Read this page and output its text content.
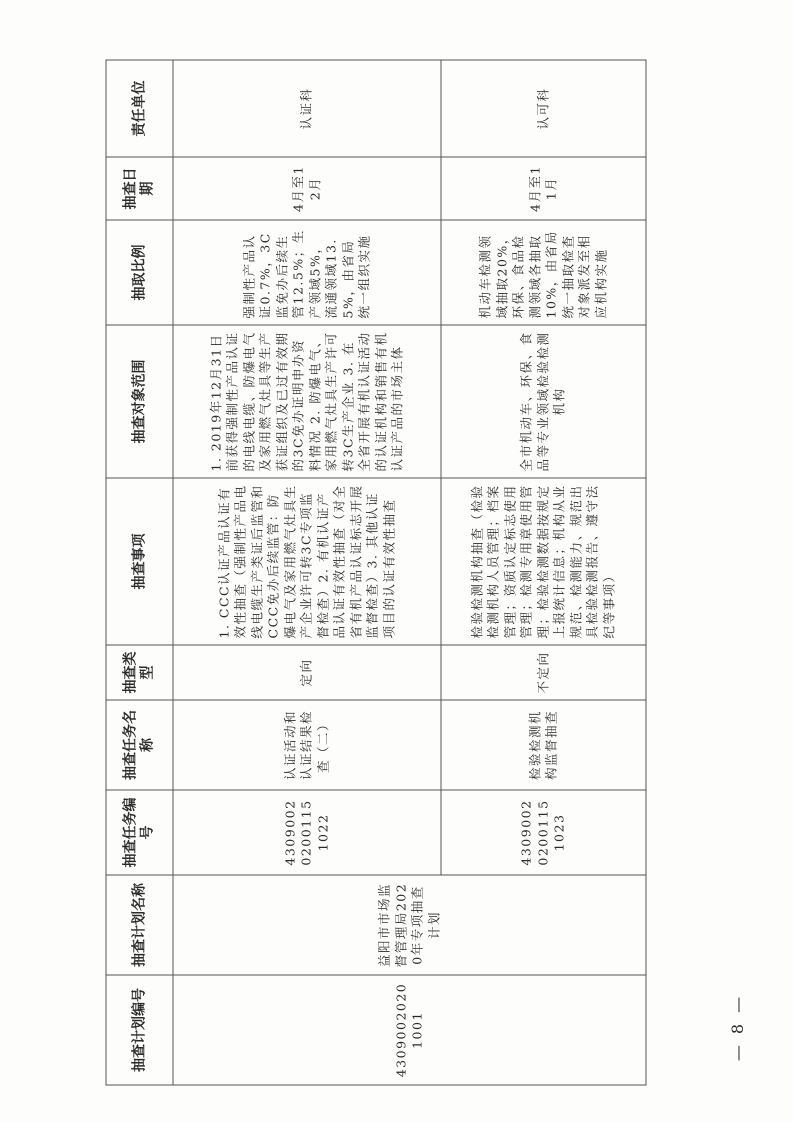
抽查计划编号	抽查计划名称	抽查任务编号	抽查任务名称	抽查类型	抽查事项	抽查对象范围	抽取比例	抽查日期	责任单位
43090020201001	益阳市市场监督管理局2020年专项抽查计划	430900202001151022	认证活动和认证结果检查（二）	定向	1. CCC认证产品认证有效性抽查（强制性产品电线电缆生产类证后监管和CCC免办后续监管：防爆电气及家用燃气灶具生产企业许可转3C专项监督检查）2. 有机认证产品认证有效性抽查（对全省有机产品认证标志开展监督检查）3. 其他认证项目的认证有效性抽查	1. 2019年12月31日前获得强制性产品认证的电线电缆、防爆电气及家用燃气灶具等生产获证组织及已过有效期的3C免办证明申办资料情况 2. 防爆电气、家用燃气灶具生产许可转3C生产企业 3. 在全省开展有机认证活动的认证机构和销售有机认证产品的市场主体	强制性产品认证0.7%，3C监免办后续生管12.5%；生产领域5%，流通领域13.5%，由省局统一组织实施	4月至12月	认证科
		430900202001151023	检验检测机构监督抽查	不定向	检验检测机构抽查（检验检测机构人员管理；档案管理；资质认定标志使用管理；检测专用章使用管理；检验检测数据按规定上报统计信息；机构从业规范、检测能力、规范出具检验检测报告、遵守法纪等事项）	全市机动车、环保、食品等专业领域检验检测机构	机动车检测领域抽取20%，环保、食品检测领域各抽取10%，由省局统一抽取检查对象派发至相应机构实施	4月至11月	认可科
— 8 —
